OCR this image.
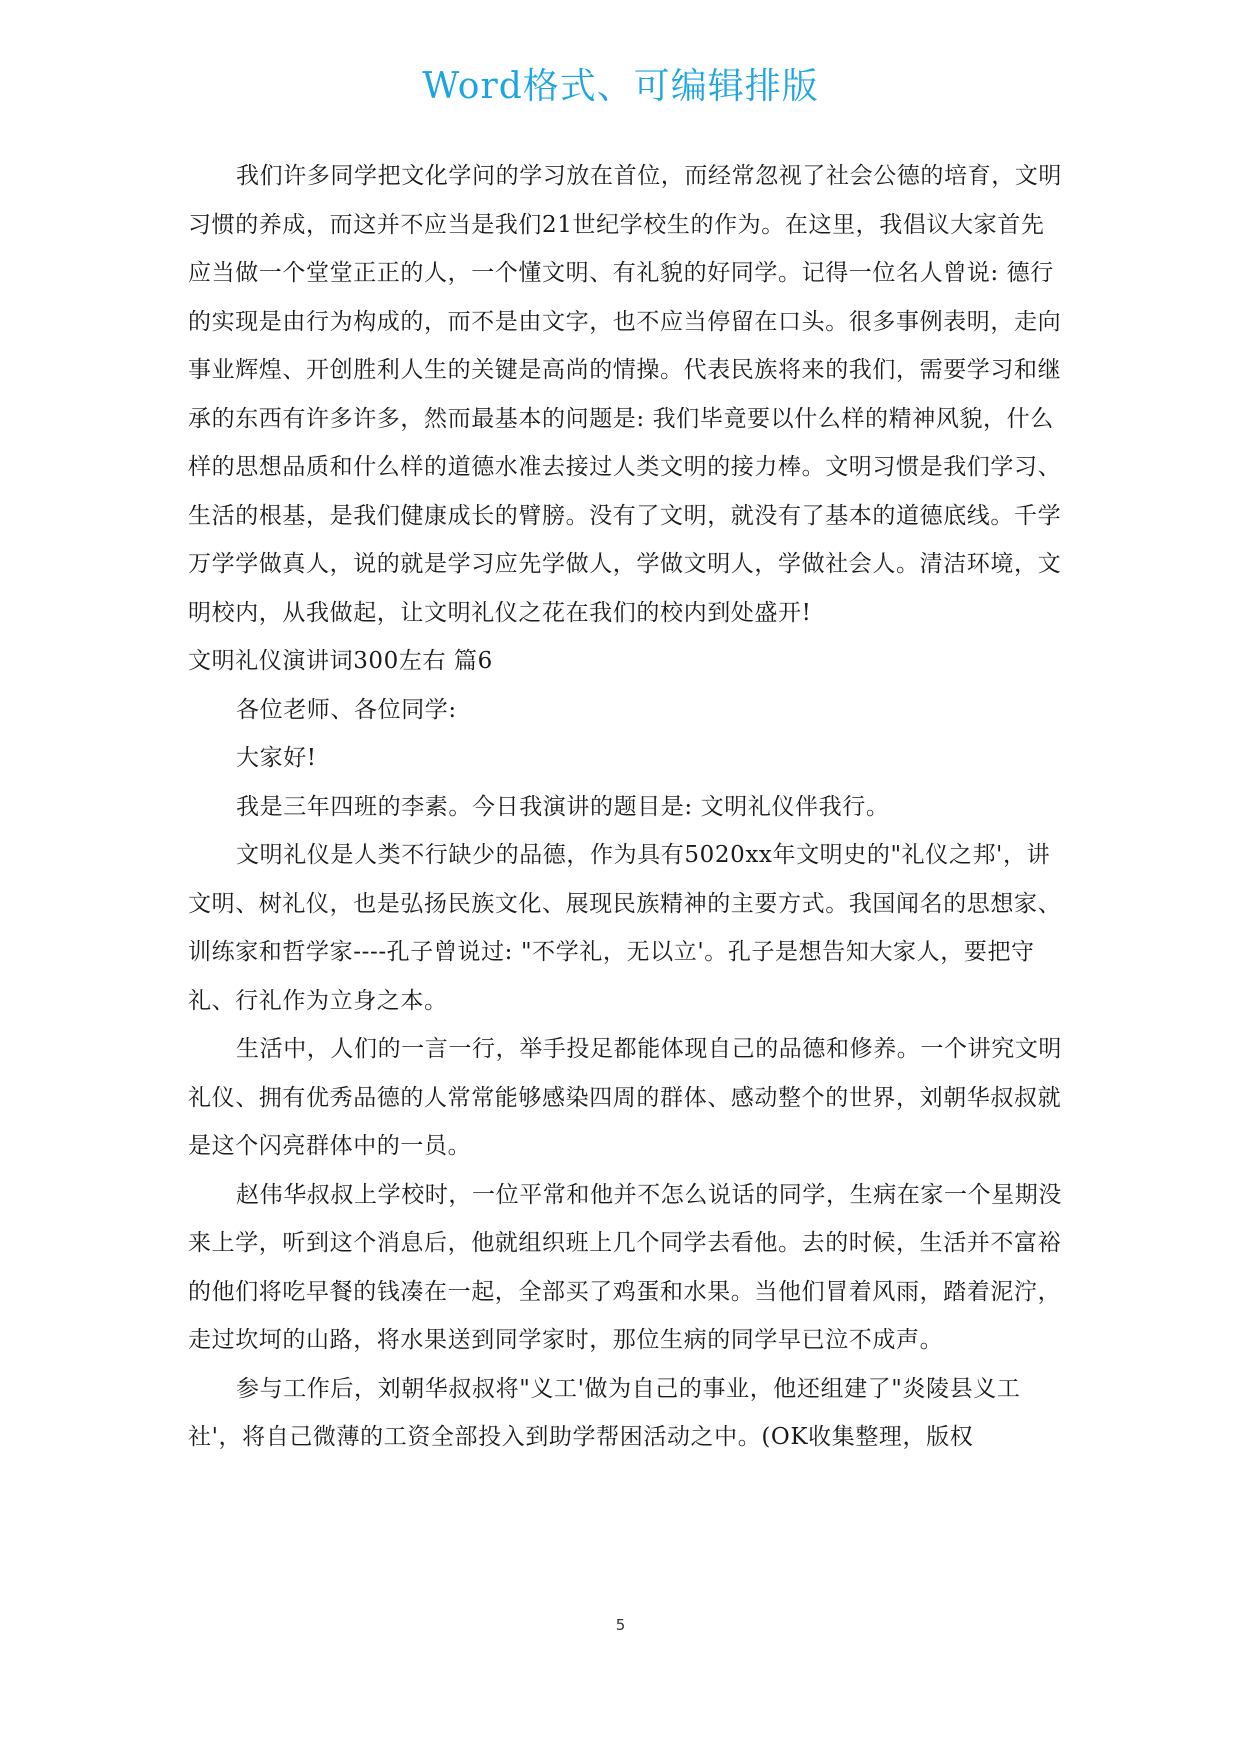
Word格式、可编辑排版

我们许多同学把文化学问的学习放在首位，而经常忽视了社会公德的培育，文明习惯的养成，而这并不应当是我们21世纪学校生的作为。在这里，我倡议大家首先应当做一个堂堂正正的人，一个懂文明、有礼貌的好同学。记得一位名人曾说: 德行的实现是由行为构成的，而不是由文字，也不应当停留在口头。很多事例表明，走向事业辉煌、开创胜利人生的关键是高尚的情操。代表民族将来的我们，需要学习和继承的东西有许多许多，然而最基本的问题是: 我们毕竟要以什么样的精神风貌，什么样的思想品质和什么样的道德水准去接过人类文明的接力棒。文明习惯是我们学习、生活的根基，是我们健康成长的臂膀。没有了文明，就没有了基本的道德底线。千学万学学做真人，说的就是学习应先学做人，学做文明人，学做社会人。清洁环境，文明校内，从我做起，让文明礼仪之花在我们的校内到处盛开!

文明礼仪演讲词300左右 篇6

各位老师、各位同学:

大家好!

我是三年四班的李素。今日我演讲的题目是: 文明礼仪伴我行。

文明礼仪是人类不行缺少的品德，作为具有5020xx年文明史的"礼仪之邦'，讲文明、树礼仪，也是弘扬民族文化、展现民族精神的主要方式。我国闻名的思想家、训练家和哲学家----孔子曾说过: "不学礼，无以立'。孔子是想告知大家人，要把守礼、行礼作为立身之本。

生活中，人们的一言一行，举手投足都能体现自己的品德和修养。一个讲究文明礼仪、拥有优秀品德的人常常能够感染四周的群体、感动整个的世界，刘朝华叔叔就是这个闪亮群体中的一员。

赵伟华叔叔上学校时，一位平常和他并不怎么说话的同学，生病在家一个星期没来上学，听到这个消息后，他就组织班上几个同学去看他。去的时候，生活并不富裕的他们将吃早餐的钱凑在一起，全部买了鸡蛋和水果。当他们冒着风雨，踏着泥泞，走过坎坷的山路，将水果送到同学家时，那位生病的同学早已泣不成声。

参与工作后，刘朝华叔叔将"义工'做为自己的事业，他还组建了"炎陵县义工社'，将自己微薄的工资全部投入到助学帮困活动之中。(OK收集整理，版权

5
